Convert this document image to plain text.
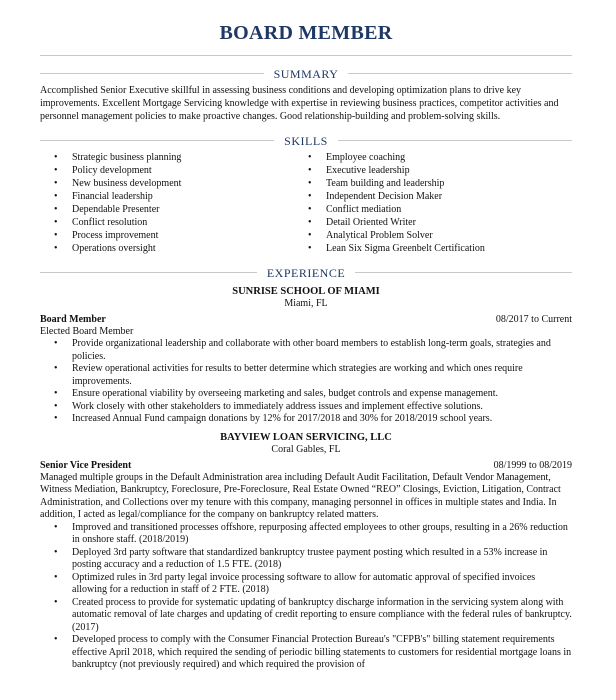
BOARD MEMBER
SUMMARY

Accomplished Senior Executive skillful in assessing business conditions and developing optimization plans to drive key improvements. Excellent Mortgage Servicing knowledge with expertise in reviewing business practices, competitor activities and personnel management policies to make proactive changes. Good relationship-building and problem-solving skills.

SKILLS
• Strategic business planning
• Policy development
• New business development
• Financial leadership
• Dependable Presenter
• Conflict resolution
• Process improvement
• Operations oversight
• Employee coaching
• Executive leadership
• Team building and leadership
• Independent Decision Maker
• Conflict mediation
• Detail Oriented Writer
• Analytical Problem Solver
• Lean Six Sigma Greenbelt Certification
EXPERIENCE
SUNRISE SCHOOL OF MIAMI
Miami, FL
Board Member	08/2017 to Current
Elected Board Member
• Provide organizational leadership and collaborate with other board members to establish long-term goals, strategies and policies.
• Review operational activities for results to better determine which strategies are working and which ones require improvements.
• Ensure operational viability by overseeing marketing and sales, budget controls and expense management.
• Work closely with other stakeholders to immediately address issues and implement effective solutions.
• Increased Annual Fund campaign donations by 12% for 2017/2018 and 30% for 2018/2019 school years.
BAYVIEW LOAN SERVICING, LLC
Coral Gables, FL
Senior Vice President	08/1999 to 08/2019

Managed multiple groups in the Default Administration area including Default Audit Facilitation, Default Vendor Management, Witness Mediation, Bankruptcy, Foreclosure, Pre-Foreclosure, Real Estate Owned “REO” Closings, Eviction, Litigation, Contract Administration, and Collections over my tenure with this company, managing personnel in offices in multiple states and India. In addition, I acted as legal/compliance for the company on bankruptcy related matters.

• Improved and transitioned processes offshore, repurposing affected employees to other groups, resulting in a 26% reduction in onshore staff. (2018/2019)
• Deployed 3rd party software that standardized bankruptcy trustee payment posting which resulted in a 53% increase in posting accuracy and a reduction of 1.5 FTE. (2018)
• Optimized rules in 3rd party legal invoice processing software to allow for automatic approval of specified invoices allowing for a reduction in staff of 2 FTE. (2018)
• Created process to provide for systematic updating of bankruptcy discharge information in the servicing system along with automatic removal of late charges and updating of credit reporting to ensure compliance with the federal rules of bankruptcy. (2017)
• Developed process to comply with the Consumer Financial Protection Bureau's "CFPB's" billing statement requirements effective April 2018, which required the sending of periodic billing statements to customers for residential mortgage loans in bankruptcy (not previously required) and which required the provision of
